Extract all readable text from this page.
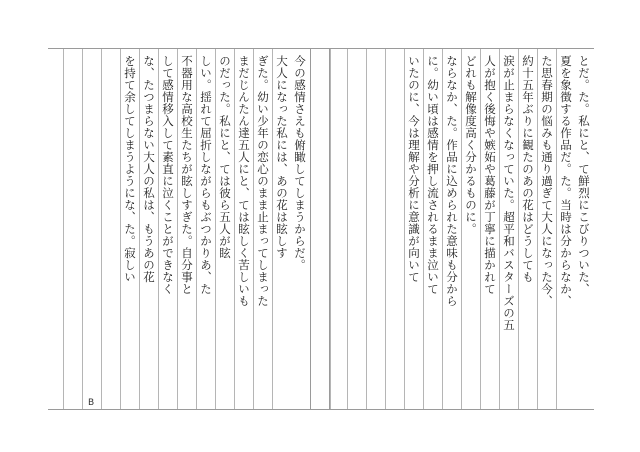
今の感情さえも俯瞰してしまうからだ。
大人になった私には、あの花は眩しす
ぎた。幼い少年の恋心のまま止まってしまった
まだじんたん達五人にと、ては眩しく苦しいも
のだった。私にと、ては彼ら五人が眩
しい。揺れて屈折しながらもぶつかりあ、た
不器用な高校生たちが眩しすぎた。自分事と
して感情移入して素直に泣くことができなく
な、たつまらない大人の私は、もうあの花
を持て余してしまうようにな、た。寂しい	とだ。た。私にと、て鮮烈にこびりついた、
夏を象徴する作品だ。た。当時は分からなか、
た思春期の悩みも通り過ぎて大人になった今、
約十五年ぶりに観たのあの花はどうしても
涙が止まらなくなっていた。超平和バスターズの五
人が抱く後悔や嫉妬や葛藤が丁寧に描かれて
どれも解像度高く分かるものに。
ならなか、た。作品に込められた意味も分から
に。幼い頃は感情を押し流されるまま泣いて
いたのに、今は理解や分析に意識が向いて
B
